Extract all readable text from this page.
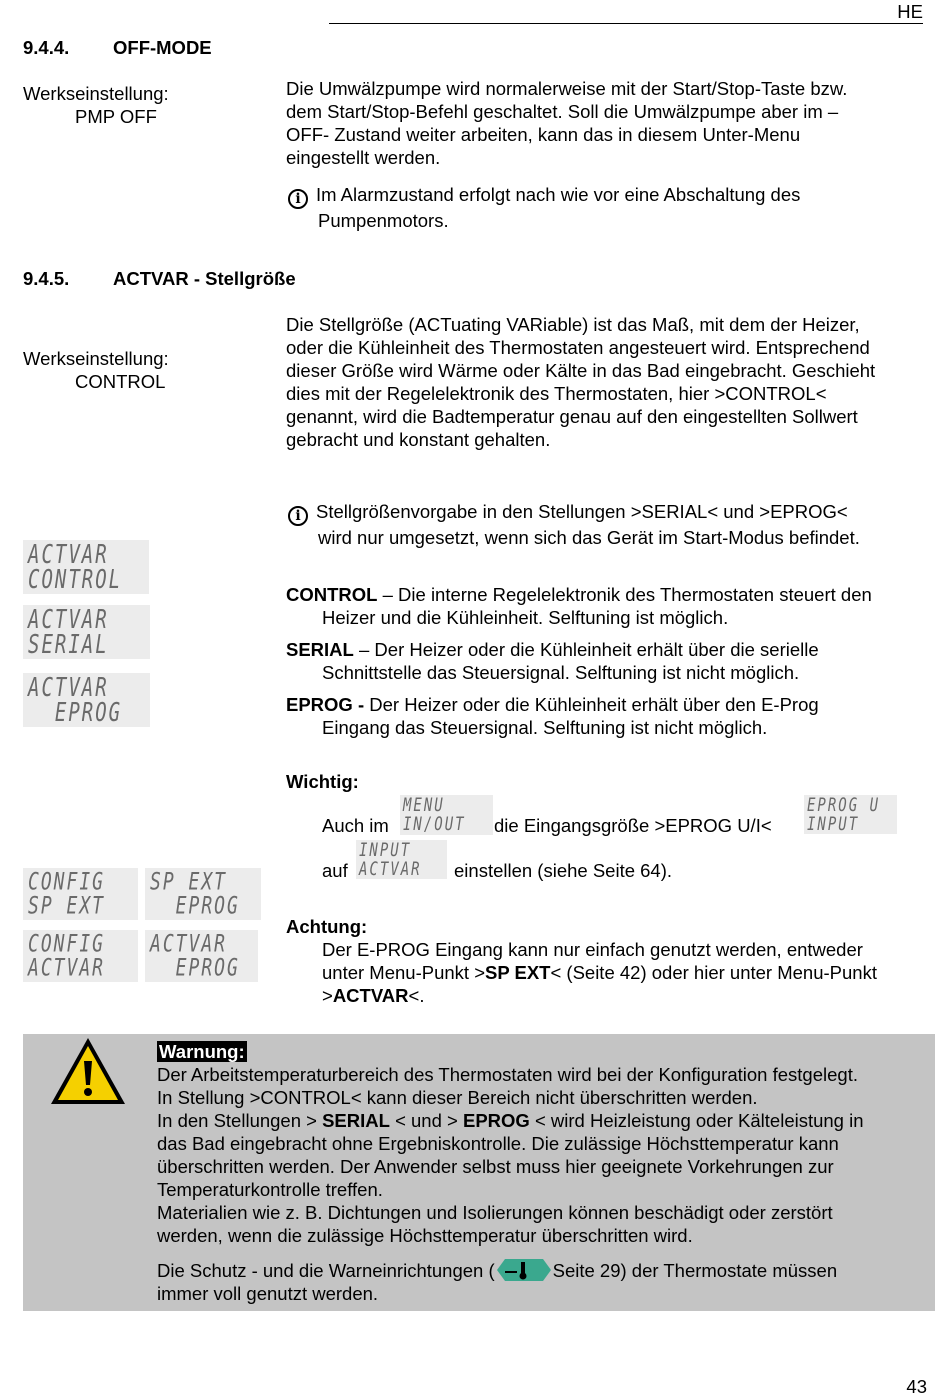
HE
9.4.4. OFF-MODE
Werkseinstellung:
PMP OFF
Die Umwälzpumpe wird normalerweise mit der Start/Stop-Taste bzw.
dem Start/Stop-Befehl geschaltet. Soll die Umwälzpumpe aber im –
OFF- Zustand weiter arbeiten, kann das in diesem Unter-Menu
eingestellt werden.
i Im Alarmzustand erfolgt nach wie vor eine Abschaltung des
Pumpenmotors.
9.4.5. ACTVAR - Stellgröße
Werkseinstellung:
CONTROL
Die Stellgröße (ACTuating VARiable) ist das Maß, mit dem der Heizer,
oder die Kühleinheit des Thermostaten angesteuert wird. Entsprechend
dieser Größe wird Wärme oder Kälte in das Bad eingebracht. Geschieht
dies mit der Regelelektronik des Thermostaten, hier >CONTROL<
genannt, wird die Badtemperatur genau auf den eingestellten Sollwert
gebracht und konstant gehalten.
i Stellgrößenvorgabe in den Stellungen >SERIAL< und >EPROG<
wird nur umgesetzt, wenn sich das Gerät im Start-Modus befindet.
ACTVAR
CONTROL
ACTVAR
SERIAL
ACTVAR
EPROG
CONTROL – Die interne Regelelektronik des Thermostaten steuert den
Heizer und die Kühleinheit. Selftuning ist möglich.
SERIAL – Der Heizer oder die Kühleinheit erhält über die serielle
Schnittstelle das Steuersignal. Selftuning ist nicht möglich.
EPROG - Der Heizer oder die Kühleinheit erhält über den E-Prog
Eingang das Steuersignal. Selftuning ist nicht möglich.
Wichtig:
Auch im
MENU
IN/OUT	die Eingangsgröße >EPROG U/I<
EPROG U
INPUT
auf
INPUT
ACTVAR	einstellen (siehe Seite 64).
CONFIG
SP EXT
SP EXT
EPROG
CONFIG
ACTVAR
ACTVAR
EPROG
Achtung:
Der E-PROG Eingang kann nur einfach genutzt werden, entweder
unter Menu-Punkt >SP EXT< (Seite 42) oder hier unter Menu-Punkt
>ACTVAR<.
Warnung:
Der Arbeitstemperaturbereich des Thermostaten wird bei der Konfiguration festgelegt.
In Stellung >CONTROL< kann dieser Bereich nicht überschritten werden.
In den Stellungen > SERIAL < und > EPROG < wird Heizleistung oder Kälteleistung in
das Bad eingebracht ohne Ergebniskontrolle. Die zulässige Höchsttemperatur kann
überschritten werden. Der Anwender selbst muss hier geeignete Vorkehrungen zur
Temperaturkontrolle treffen.
Materialien wie z. B. Dichtungen und Isolierungen können beschädigt oder zerstört
werden, wenn die zulässige Höchsttemperatur überschritten wird.
Die Schutz - und die Warneinrichtungen (	Seite 29) der Thermostate müssen
immer voll genutzt werden.
43
